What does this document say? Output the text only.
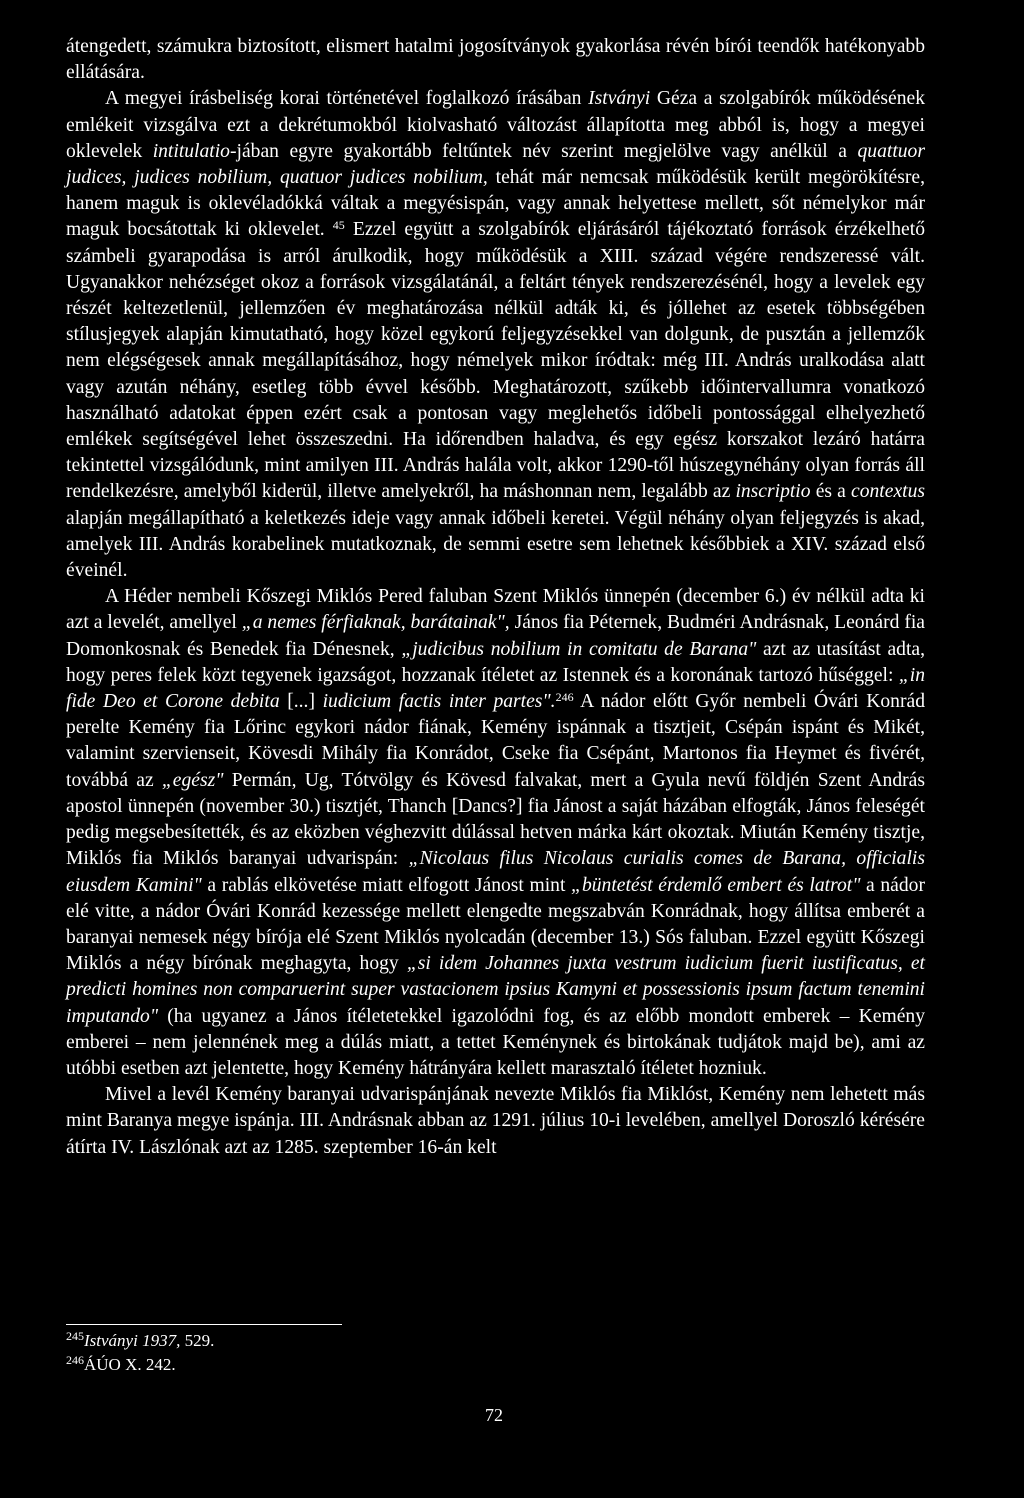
átengedett, számukra biztosított, elismert hatalmi jogosítványok gyakorlása révén bírói teendők hatékonyabb ellátására.

A megyei írásbeliség korai történetével foglalkozó írásában Istványi Géza a szolgabírók működésének emlékeit vizsgálva ezt a dekrétumokból kiolvasható változást állapította meg abból is, hogy a megyei oklevelek intitulatio-jában egyre gyakortább feltűntek név szerint megjelölve vagy anélkül a quattuor judices, judices nobilium, quatuor judices nobilium, tehát már nemcsak működésük került megörökítésre, hanem maguk is oklevéladókká váltak a megyésispán, vagy annak helyettese mellett, sőt némelykor már maguk bocsátottak ki oklevelet. $^{45}$ Ezzel együtt a szolgabírók eljárásáról tájékoztató források érzékelhető számbeli gyarapodása is arról árulkodik, hogy működésük a XIII. század végére rendszeressé vált. Ugyanakkor nehézséget okoz a források vizsgálatánál, a feltárt tények rendszerezésénél, hogy a levelek egy részét keltezetlenül, jellemzően év meghatározása nélkül adták ki, és jóllehet az esetek többségében stílusjegyek alapján kimutatható, hogy közel egykorú feljegyzésekkel van dolgunk, de pusztán a jellemzők nem elégségesek annak megállapításához, hogy némelyek mikor íródtak: még III. András uralkodása alatt vagy azután néhány, esetleg több évvel később. Meghatározott, szűkebb időintervallumra vonatkozó használható adatokat éppen ezért csak a pontosan vagy meglehetős időbeli pontossággal elhelyezhető emlékek segítségével lehet összeszedni. Ha időrendben haladva, és egy egész korszakot lezáró határra tekintettel vizsgálódunk, mint amilyen III. András halála volt, akkor 1290-től húszegynéhány olyan forrás áll rendelkezésre, amelyből kiderül, illetve amelyekről, ha máshonnan nem, legalább az inscriptio és a contextus alapján megállapítható a keletkezés ideje vagy annak időbeli keretei. Végül néhány olyan feljegyzés is akad, amelyek III. András korabelinek mutatkoznak, de semmi esetre sem lehetnek későbbiek a XIV. század első éveinél.

A Héder nembeli Kőszegi Miklós Pered faluban Szent Miklós ünnepén (december 6.) év nélkül adta ki azt a levelét, amellyel „a nemes férfiaknak, barátainak", János fia Péternek, Budméri Andrásnak, Leonárd fia Domonkosnak és Benedek fia Dénesnek, „judicibus nobilium in comitatu de Barana" azt az utasítást adta, hogy peres felek közt tegyenek igazságot, hozzanak ítéletet az Istennek és a koronának tartozó hűséggel: „in fide Deo et Corone debita [...] iudicium factis inter partes".$^{246}$ A nádor előtt Győr nembeli Óvári Konrád perelte Kemény fia Lőrinc egykori nádor fiának, Kemény ispánnak a tisztjeit, Csépán ispánt és Mikét, valamint szervienseit, Kövesdi Mihály fia Konrádot, Cseke fia Csépánt, Martonos fia Heymet és fivérét, továbbá az „egész" Permán, Ug, Tótvölgy és Kövesd falvakat, mert a Gyula nevű földjén Szent András apostol ünnepén (november 30.) tisztjét, Thanch [Dancs?] fia Jánost a saját házában elfogták, János feleségét pedig megsebesítették, és az eközben véghezvitt dúlással hetven márka kárt okoztak. Miután Kemény tisztje, Miklós fia Miklós baranyai udvarispán: „Nicolaus filus Nicolaus curialis comes de Barana, officialis eiusdem Kamini" a rablás elkövetése miatt elfogott Jánost mint „büntetést érdemlő embert és latrot" a nádor elé vitte, a nádor Óvári Konrád kezessége mellett elengedte megszabván Konrádnak, hogy állítsa emberét a baranyai nemesek négy bírója elé Szent Miklós nyolcadán (december 13.) Sós faluban. Ezzel együtt Kőszegi Miklós a négy bírónak meghagyta, hogy „si idem Johannes juxta vestrum iudicium fuerit iustificatus, et predicti homines non comparuerint super vastacionem ipsius Kamyni et possessionis ipsum factum tenemini imputando" (ha ugyanez a János ítéletetekkel igazolódni fog, és az előbb mondott emberek – Kemény emberei – nem jelennének meg a dúlás miatt, a tettet Keménynek és birtokának tudjátok majd be), ami az utóbbi esetben azt jelentette, hogy Kemény hátrányára kellett marasztaló ítéletet hozniuk.

Mivel a levél Kemény baranyai udvarispánjának nevezte Miklós fia Miklóst, Kemény nem lehetett más mint Baranya megye ispánja. III. Andrásnak abban az 1291. július 10-i levelében, amellyel Doroszló kérésére átírta IV. Lászlónak azt az 1285. szeptember 16-án kelt

$^{245}$Istványi 1937, 529.

$^{246}$ÁÚO X. 242.

72
